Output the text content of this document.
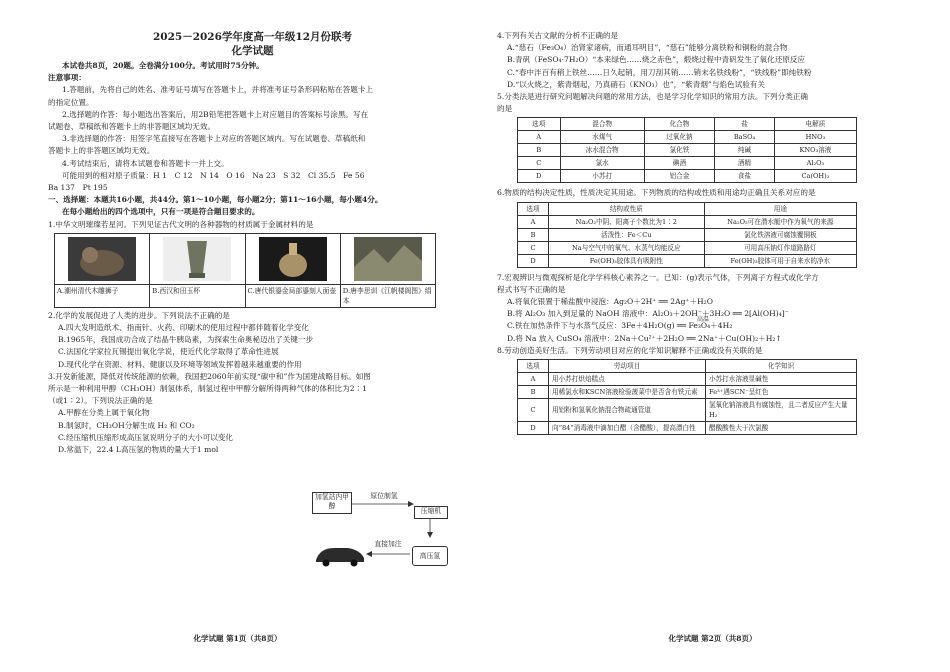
2025－2026学年度高一年级12月份联考
化学试题
本试卷共8页，20题。全卷满分100分。考试用时75分钟。
注意事项：
1.答题前，先将自己的姓名、准考证号填写在答题卡上，并将准考证号条形码粘贴在答题卡上
的指定位置。
2.选择题的作答：每小题选出答案后，用2B铅笔把答题卡上对应题目的答案标号涂黑。写在
试题卷、草稿纸和答题卡上的非答题区域均无效。
3.非选择题的作答：用签字笔直接写在答题卡上对应的答题区域内。写在试题卷、草稿纸和
答题卡上的非答题区域均无效。
4.考试结束后，请将本试题卷和答题卡一并上交。
可能用到的相对原子质量：H 1　C 12　N 14　O 16　Na 23　S 32　Cl 35.5　Fe 56
Ba 137　Pt 195
一、选择题：本题共16小题，共44分。第1～10小题，每小题2分；第11～16小题，每小题4分。
在每小题给出的四个选项中，只有一项是符合题目要求的。
1.中华文明璀璨若星河。下列见证古代文明的各种器物的材质属于金属材料的是
A.潮州清代木雕狮子	B.西汉和田玉杯	C.唐代银鎏金局部鎏刻人面壶 D.唐李思训《江帆楼阁图》绢本
2.化学的发展促进了人类的进步。下列说法不正确的是
A.四大发明造纸术、指南针、火药、印刷术的使用过程中都伴随着化学变化
B.1965年，我国成功合成了结晶牛胰岛素，为探索生命奥秘迈出了关键一步
C.法国化学家拉瓦锡提出氧化学说，使近代化学取得了革命性进展
D.现代化学在资源、材料、健康以及环境等领域发挥着越来越重要的作用
3.开发新能源，降低对传统能源的依赖，我国把2060年前实现“碳中和”作为国建战略目标。如图
所示是一种利用甲醇（CH₃OH）制氢体系，制氢过程中甲醇分解所得两种气体的体积比为2∶1
（或1∶2）。下列说法正确的是
A.甲醇在分类上属于氧化物
B.制氢时，CH₃OH分解生成 H₂ 和 CO₂
C.经压缩机压缩形成高压氢说明分子的大小可以变化
D.常温下，22.4 L高压氢的物质的量大于1 mol
加氢站内甲醇
原位制氢
压缩机
直接加注
高压氢
化学试题 第1页（共8页）
4.下列有关古文献的分析不正确的是
A.“慈石（Fe₃O₄）治肾家诸病，而通耳明目”，“慈石”能够分离铁粉和铜粉的混合物
B.青矾（FeSO₄·7H₂O）“本来绿色……烧之赤色”，煅烧过程中青矾发生了氧化还原反应
C.“春中泮百有稍上铁丝……日久起销，用刀刮其销……销末名铁线粉”，“铁线粉”即纯铁粉
D.“以火烧之，紫青烟起，乃真硝石（KNO₃）也”，“紫青烟”与焰色试验有关
5.分类法是进行研究问题解决问题的常用方法，也是学习化学知识的常用方法。下列分类正确
的是
选项	混合物	化合物	盐	电解质
A	水煤气	过氧化钠	BaSO₄	HNO₃
B	冰水混合物	氯化铁	纯碱	KNO₃溶液
C	氯水	碘酒	酒精	Al₂O₃
D	小苏打	铝合金	食盐	Ca(OH)₂
6.物质的结构决定性质，性质决定其用途。下列物质的结构或性质和用途均正确且关系对应的是
选项	结构或性质	用途
A	Na₂O₂中阴、阳离子个数比为1∶2	Na₂O₂可在潜水艇中作为氧气的来源
B	活泼性：Fe＜Cu	氯化铁溶液可腐蚀覆铜板
C	Na与空气中的氧气、水蒸气均能反应	可用高压钠灯作道路路灯
D	Fe(OH)₃胶体具有吸附性	Fe(OH)₃胶体可用于自来水的净水
7.宏观辨识与微观探析是化学学科核心素养之一。已知：(g)表示气体，下列离子方程式或化学方
程式书写不正确的是
A.将氧化银置于稀盐酸中浸泡：Ag₂O＋2H⁺ ══ 2Ag⁺＋H₂O
B.将 Al₂O₃ 加入到足量的 NaOH 溶液中：Al₂O₃＋2OH⁻＋3H₂O ══ 2[Al(OH)₄]⁻
C.铁在加热条件下与水蒸气反应：3Fe＋4H₂O(g) ══ Fe₃O₄＋4H₂
高温
D.将 Na 放入 CuSO₄ 溶液中：2Na＋Cu²⁺＋2H₂O ══ 2Na⁺＋Cu(OH)₂＋H₂↑
8.劳动创造美好生活。下列劳动项目对应的化学知识解释不正确或没有关联的是
选项	劳动项目	化学知识
A	用小苏打烘焙糕点	小苏打水溶液显碱性
B	用稀氯水和KSCN溶液检验菠菜中是否含有铁元素	Fe³⁺遇SCN⁻呈红色
C	用铝粉和氢氧化钠混合物疏通管道	氢氧化钠溶液具有腐蚀性，且二者反应产生大量H₂
D	向“84”消毒液中滴加白醋（含醋酸），提高漂白性	醋酸酸性大于次氯酸
化学试题 第2页（共8页）
